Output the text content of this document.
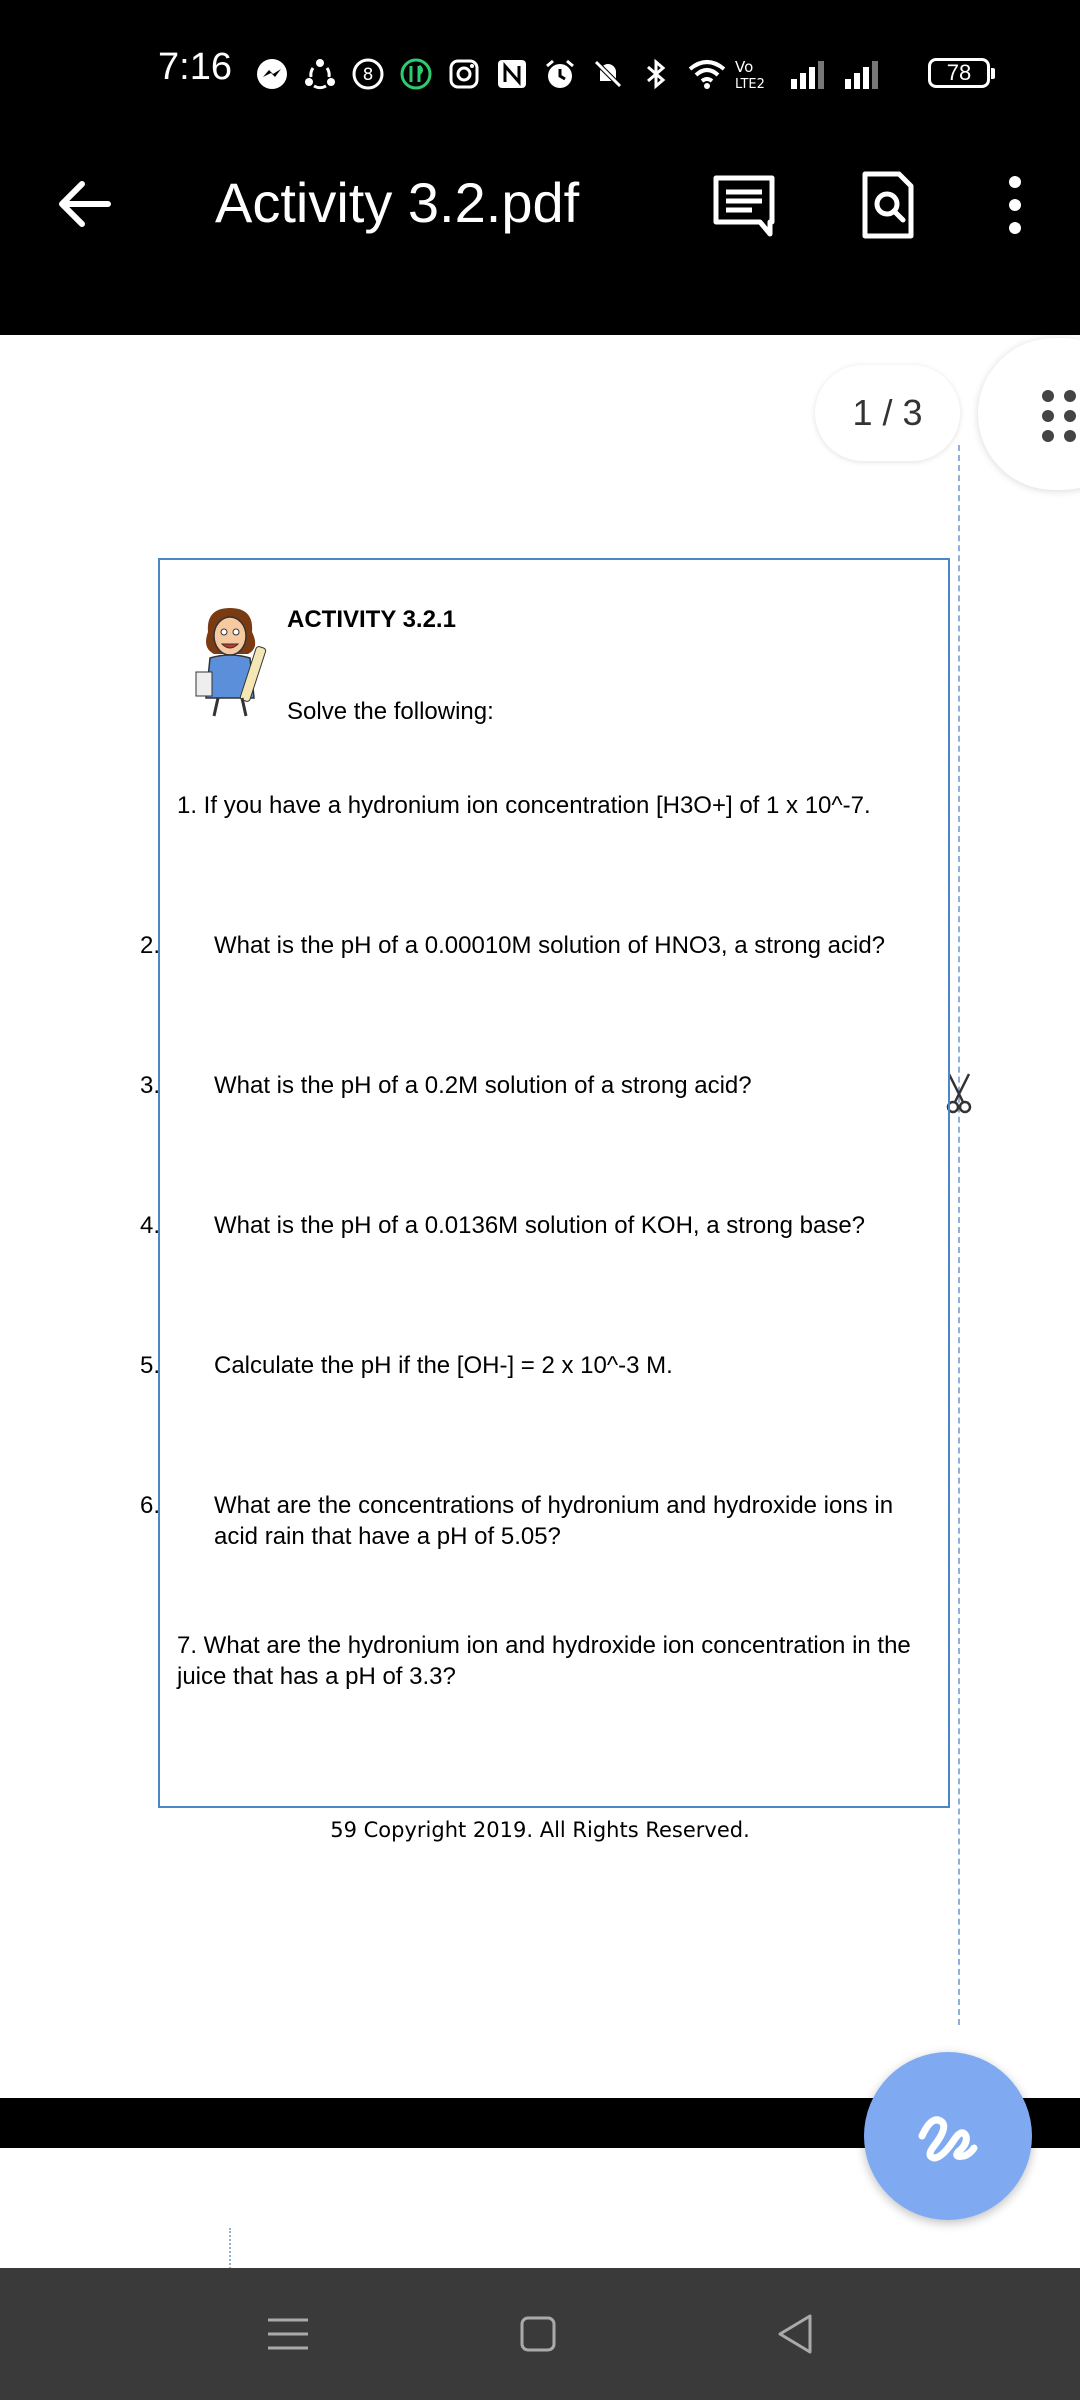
7:16	8	Vo
LTE2	78
Activity 3.2.pdf
1 / 3
ACTIVITY 3.2.1
Solve the following:
1. If you have a hydronium ion concentration [H3O+] of 1 x 10^-7.
2. What is the pH of a 0.00010M solution of HNO3, a strong acid?
3. What is the pH of a 0.2M solution of a strong acid?
4. What is the pH of a 0.0136M solution of KOH, a strong base?
5. Calculate the pH if the [OH-] = 2 x 10^-3 M.
6. What are the concentrations of hydronium and hydroxide ions in acid rain that have a pH of 5.05?
7. What are the hydronium ion and hydroxide ion concentration in the juice that has a pH of 3.3?
59 Copyright 2019. All Rights Reserved.
